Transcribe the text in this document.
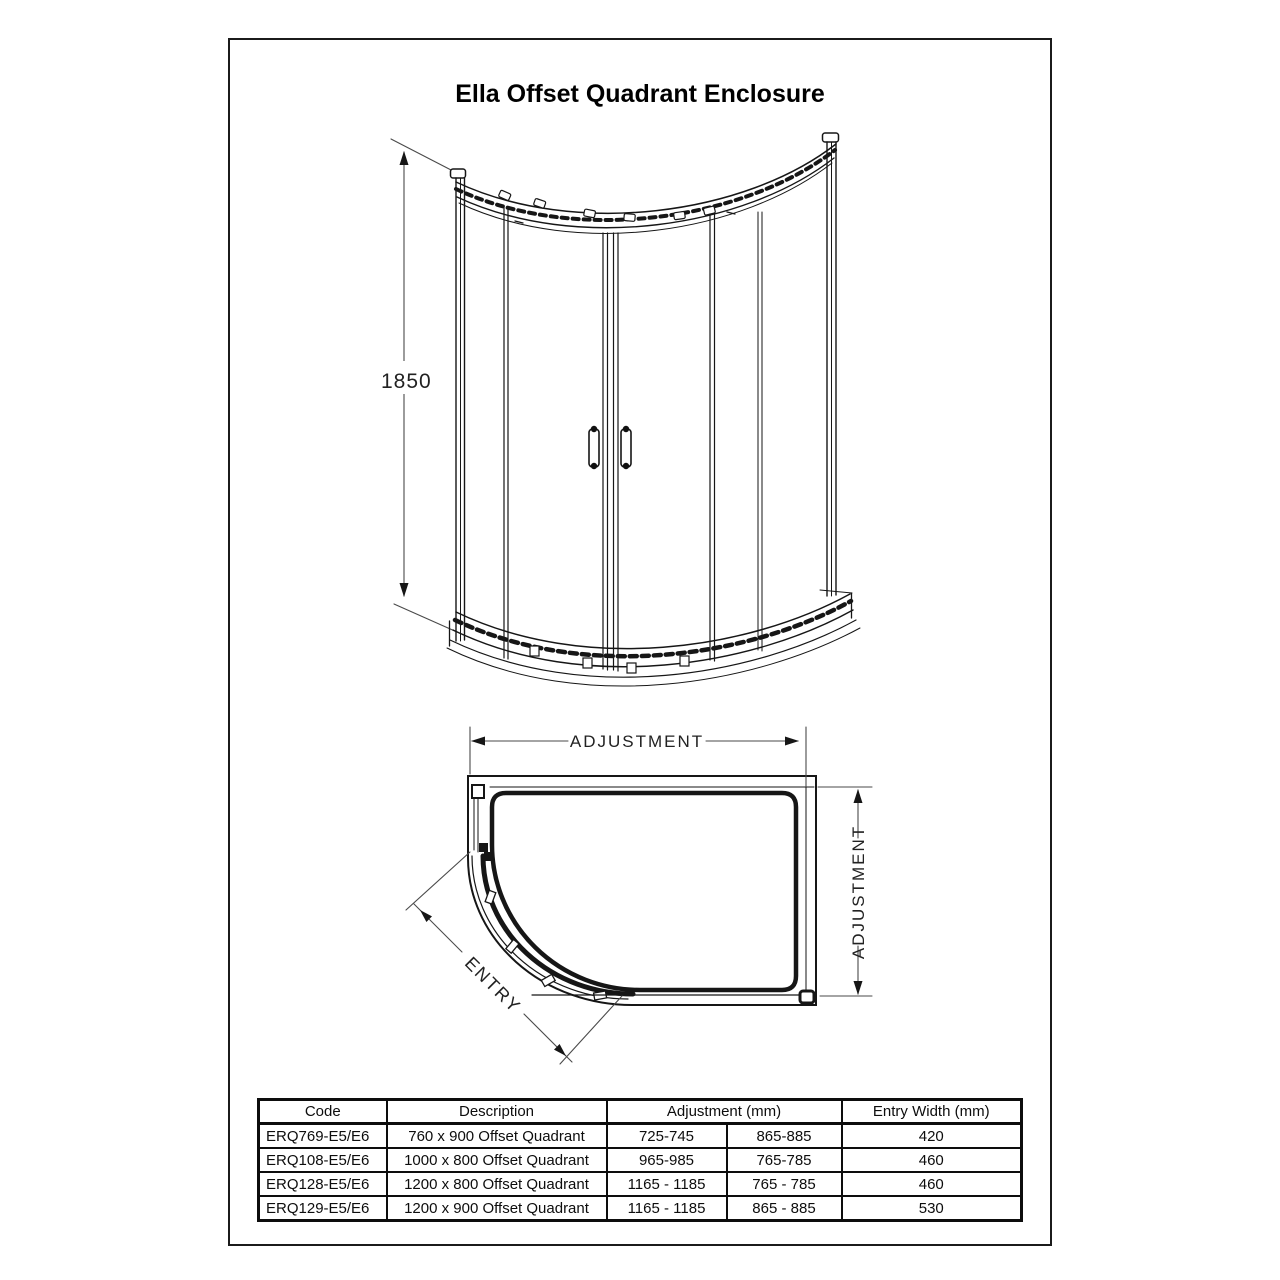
Ella Offset Quadrant Enclosure
1850
ADJUSTMENT
ADJUSTMENT
ENTRY
Code	Description	Adjustment (mm)		Entry Width (mm)
ERQ769-E5/E6	760 x 900 Offset Quadrant	725-745	865-885	420
ERQ108-E5/E6	1000 x 800 Offset Quadrant	965-985	765-785	460
ERQ128-E5/E6	1200 x 800 Offset Quadrant	1165 - 1185	765 - 785	460
ERQ129-E5/E6	1200 x 900 Offset Quadrant	1165 - 1185	865 - 885	530
